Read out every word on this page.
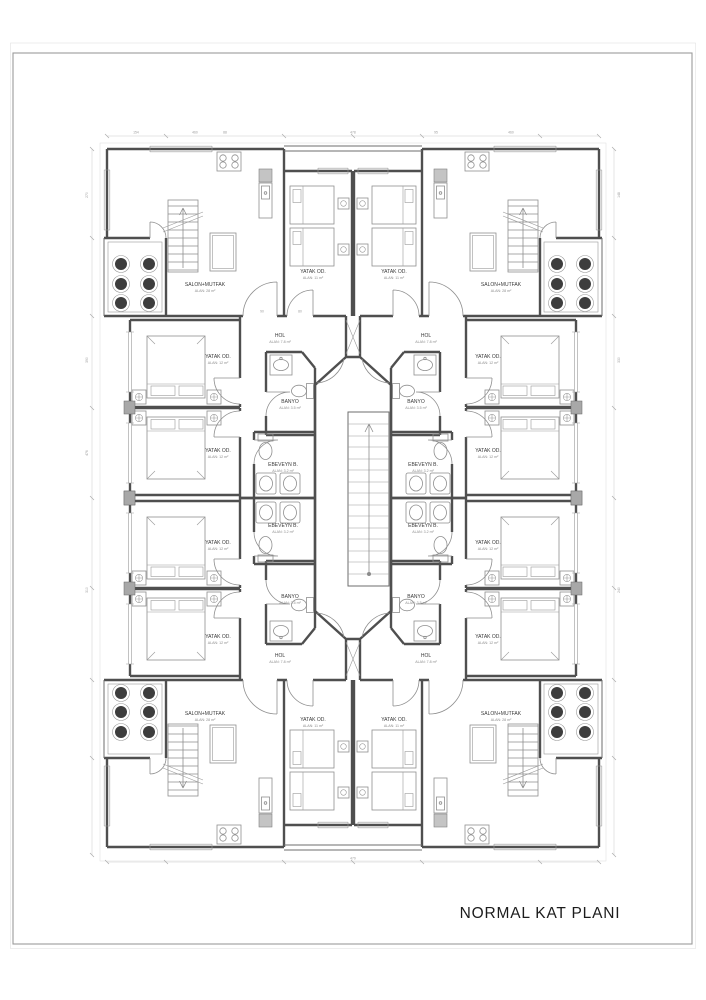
478
460	460
479
390
476
270
330
148
154	88	95
90	80
310	240
SALON+MUTFAK
ALAN: 28 m²
SALON+MUTFAK
ALAN: 28 m²
SALON+MUTFAK
ALAN: 28 m²
SALON+MUTFAK
ALAN: 28 m²
YATAK OD.
ALAN: 11 m²
YATAK OD.
ALAN: 11 m²
YATAK OD.
ALAN: 11 m²
YATAK OD.
ALAN: 11 m²
YATAK OD.
ALAN: 12 m²
YATAK OD.
ALAN: 12 m²
YATAK OD.
ALAN: 12 m²
YATAK OD.
ALAN: 12 m²
YATAK OD.
ALAN: 12 m²
YATAK OD.
ALAN: 12 m²
YATAK OD.
ALAN: 12 m²
YATAK OD.
ALAN: 12 m²
HOL
ALAN: 7.8 m²
HOL
ALAN: 7.8 m²
HOL
ALAN: 7.8 m²
HOL
ALAN: 7.8 m²
BANYO
ALAN: 3.5 m²
BANYO
ALAN: 3.5 m²
BANYO
ALAN: 3.5 m²
BANYO
ALAN: 3.5 m²
EBEVEYN B.
ALAN: 3.2 m²
EBEVEYN B.
ALAN: 3.2 m²
EBEVEYN B.
ALAN: 3.2 m²
EBEVEYN B.
ALAN: 3.2 m²
NORMAL KAT PLANI
